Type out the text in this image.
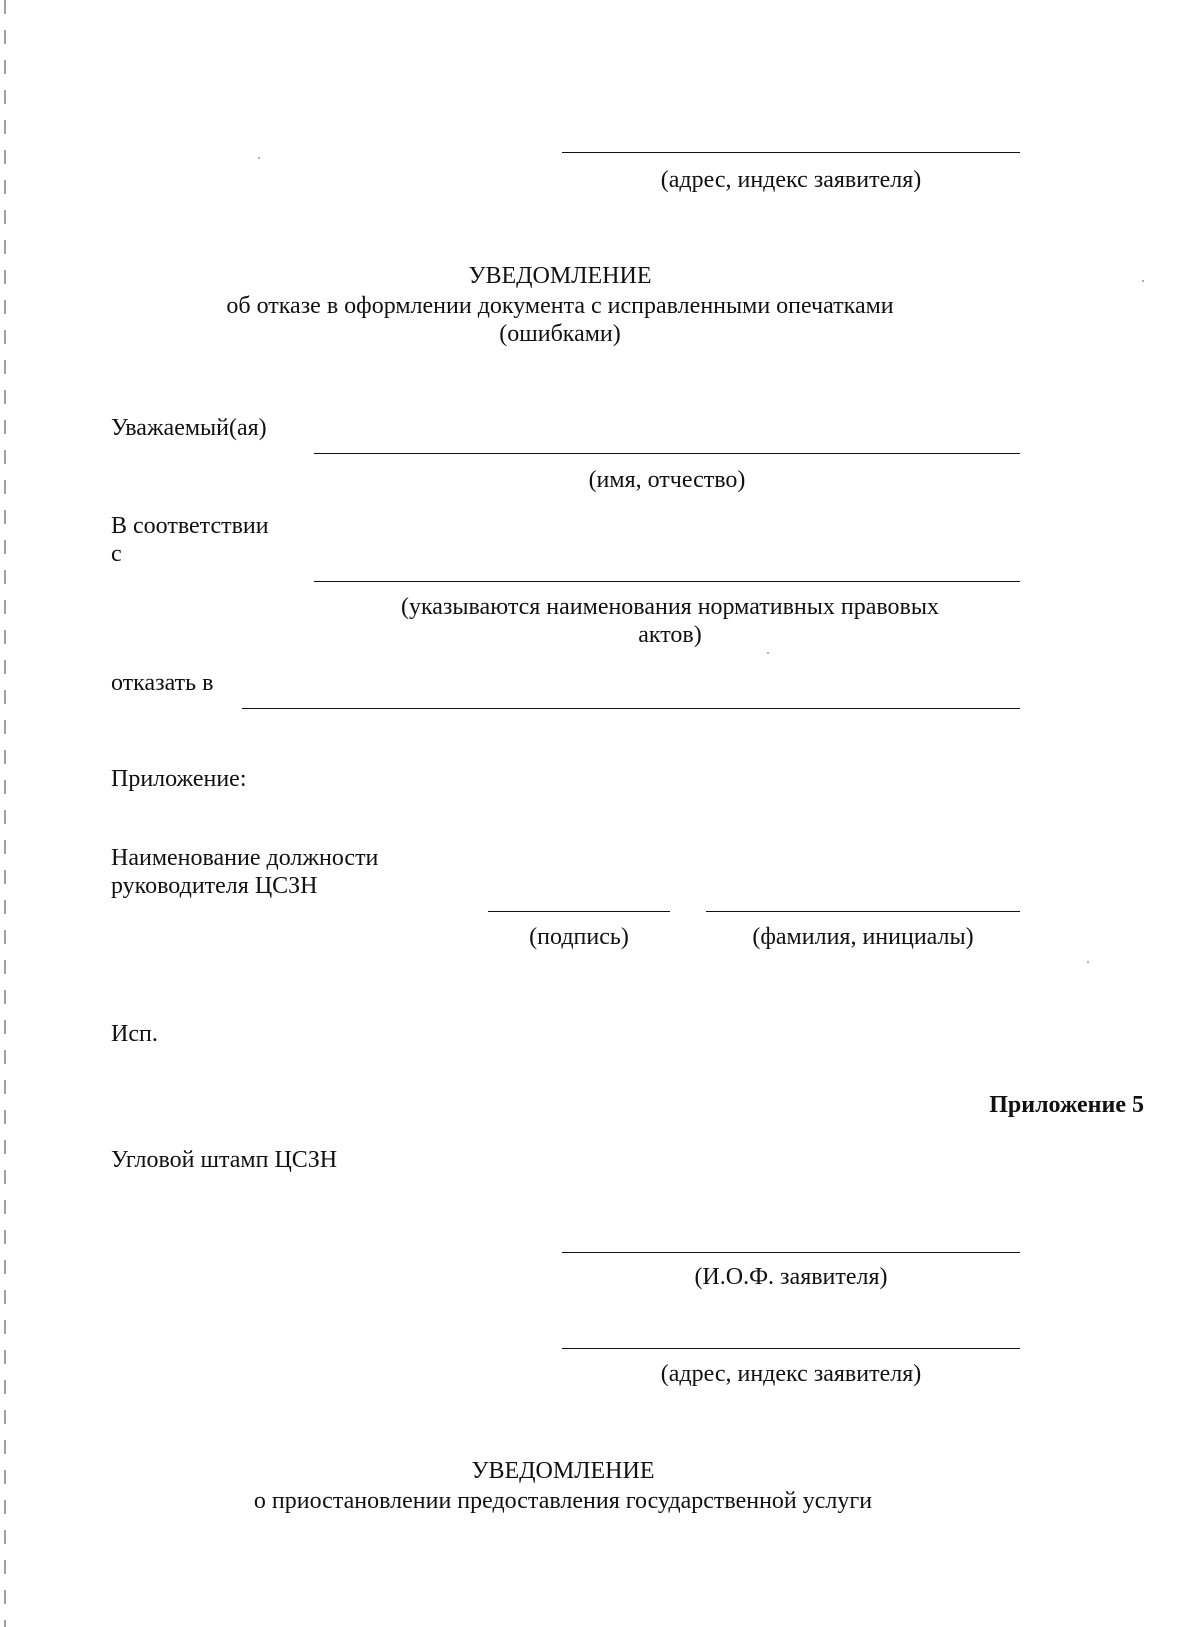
(адрес, индекс заявителя)
УВЕДОМЛЕНИЕ
об отказе в оформлении документа с исправленными опечатками
(ошибками)
Уважаемый(ая)
(имя, отчество)
В соответствии
с
(указываются наименования нормативных правовых
актов)
отказать в
Приложение:
Наименование должности
руководителя ЦСЗН
(подпись)	(фамилия, инициалы)
Исп.
Приложение 5
Угловой штамп ЦСЗН
(И.О.Ф. заявителя)
(адрес, индекс заявителя)
УВЕДОМЛЕНИЕ
о приостановлении предоставления государственной услуги
